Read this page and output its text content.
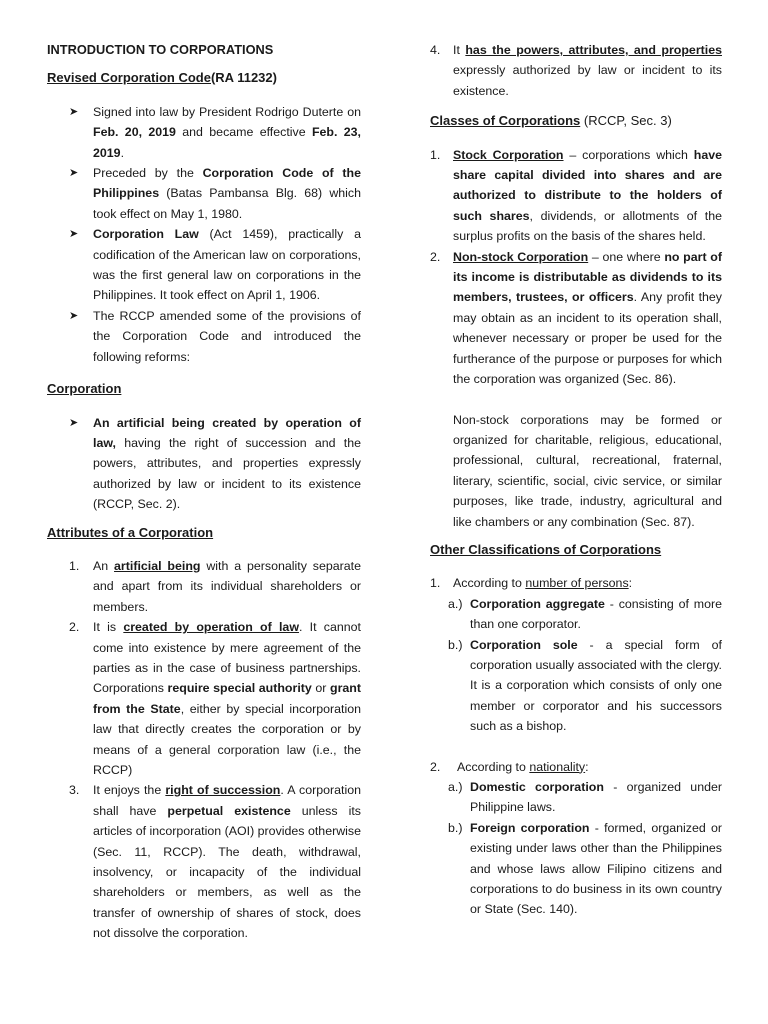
INTRODUCTION TO CORPORATIONS

Revised Corporation Code(RA 11232)

➤ Signed into law by President Rodrigo Duterte on Feb. 20, 2019 and became effective Feb. 23, 2019.
➤ Preceded by the Corporation Code of the Philippines (Batas Pambansa Blg. 68) which took effect on May 1, 1980.
➤ Corporation Law (Act 1459), practically a codification of the American law on corporations, was the first general law on corporations in the Philippines. It took effect on April 1, 1906.
➤ The RCCP amended some of the provisions of the Corporation Code and introduced the following reforms:

Corporation

➤ An artificial being created by operation of law, having the right of succession and the powers, attributes, and properties expressly authorized by law or incident to its existence (RCCP, Sec. 2).

Attributes of a Corporation

1. An artificial being with a personality separate and apart from its individual shareholders or members.
2. It is created by operation of law. It cannot come into existence by mere agreement of the parties as in the case of business partnerships. Corporations require special authority or grant from the State, either by special incorporation law that directly creates the corporation or by means of a general corporation law (i.e., the RCCP)
3. It enjoys the right of succession. A corporation shall have perpetual existence unless its articles of incorporation (AOI) provides otherwise (Sec. 11, RCCP). The death, withdrawal, insolvency, or incapacity of the individual shareholders or members, as well as the transfer of ownership of shares of stock, does not dissolve the corporation.
4. It has the powers, attributes, and properties expressly authorized by law or incident to its existence.

Classes of Corporations (RCCP, Sec. 3)

1. Stock Corporation – corporations which have share capital divided into shares and are authorized to distribute to the holders of such shares, dividends, or allotments of the surplus profits on the basis of the shares held.
2. Non-stock Corporation – one where no part of its income is distributable as dividends to its members, trustees, or officers. Any profit they may obtain as an incident to its operation shall, whenever necessary or proper be used for the furtherance of the purpose or purposes for which the corporation was organized (Sec. 86).

Non-stock corporations may be formed or organized for charitable, religious, educational, professional, cultural, recreational, fraternal, literary, scientific, social, civic service, or similar purposes, like trade, industry, agricultural and like chambers or any combination (Sec. 87).

Other Classifications of Corporations

1. According to number of persons:
a.) Corporation aggregate - consisting of more than one corporator.
b.) Corporation sole - a special form of corporation usually associated with the clergy. It is a corporation which consists of only one member or corporator and his successors such as a bishop.
2. According to nationality:
a.) Domestic corporation - organized under Philippine laws.
b.) Foreign corporation - formed, organized or existing under laws other than the Philippines and whose laws allow Filipino citizens and corporations to do business in its own country or State (Sec. 140).
